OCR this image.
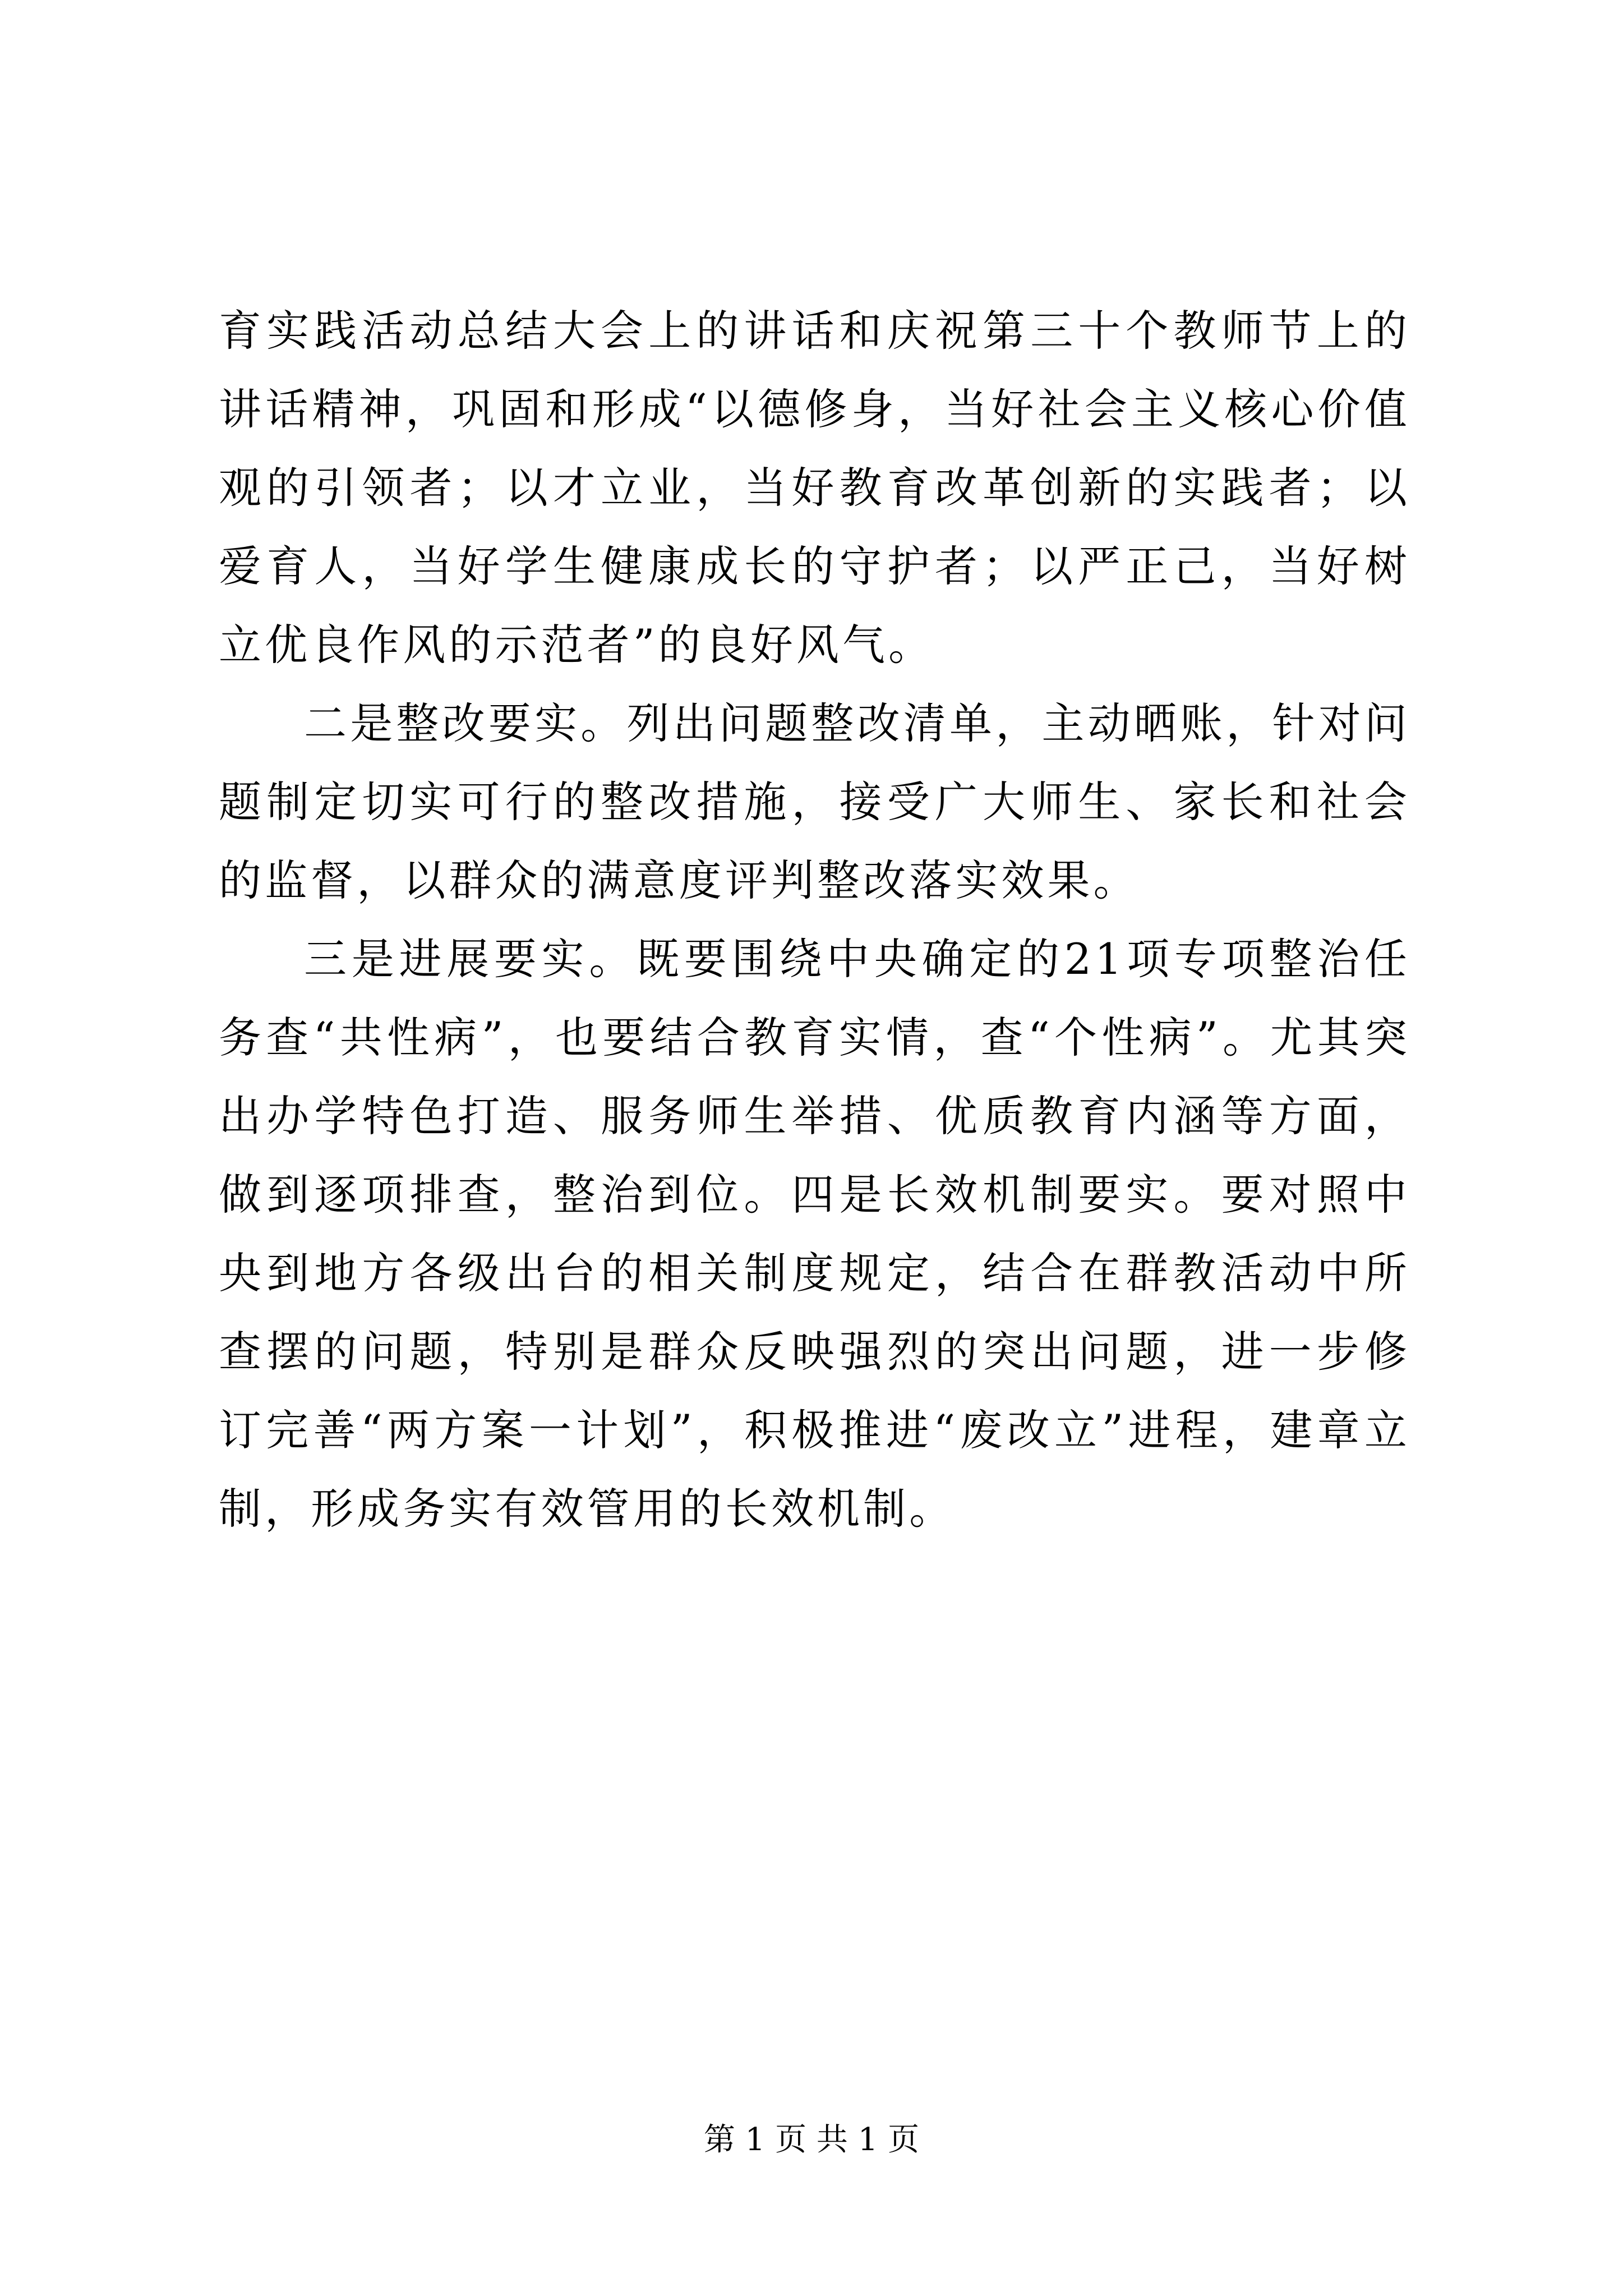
育实践活动总结大会上的讲话和庆祝第三十个教师节上的讲话精神，巩固和形成“以德修身，当好社会主义核心价值观的引领者；以才立业，当好教育改革创新的实践者；以爱育人，当好学生健康成长的守护者；以严正己，当好树立优良作风的示范者”的良好风气。

二是整改要实。列出问题整改清单，主动晒账，针对问题制定切实可行的整改措施，接受广大师生、家长和社会的监督，以群众的满意度评判整改落实效果。

三是进展要实。既要围绕中央确定的21项专项整治任务查“共性病”，也要结合教育实情，查“个性病”。尤其突出办学特色打造、服务师生举措、优质教育内涵等方面，做到逐项排查，整治到位。四是长效机制要实。要对照中央到地方各级出台的相关制度规定，结合在群教活动中所查摆的问题，特别是群众反映强烈的突出问题，进一步修订完善“两方案一计划”，积极推进“废改立”进程，建章立制，形成务实有效管用的长效机制。

第 1 页 共 1 页
